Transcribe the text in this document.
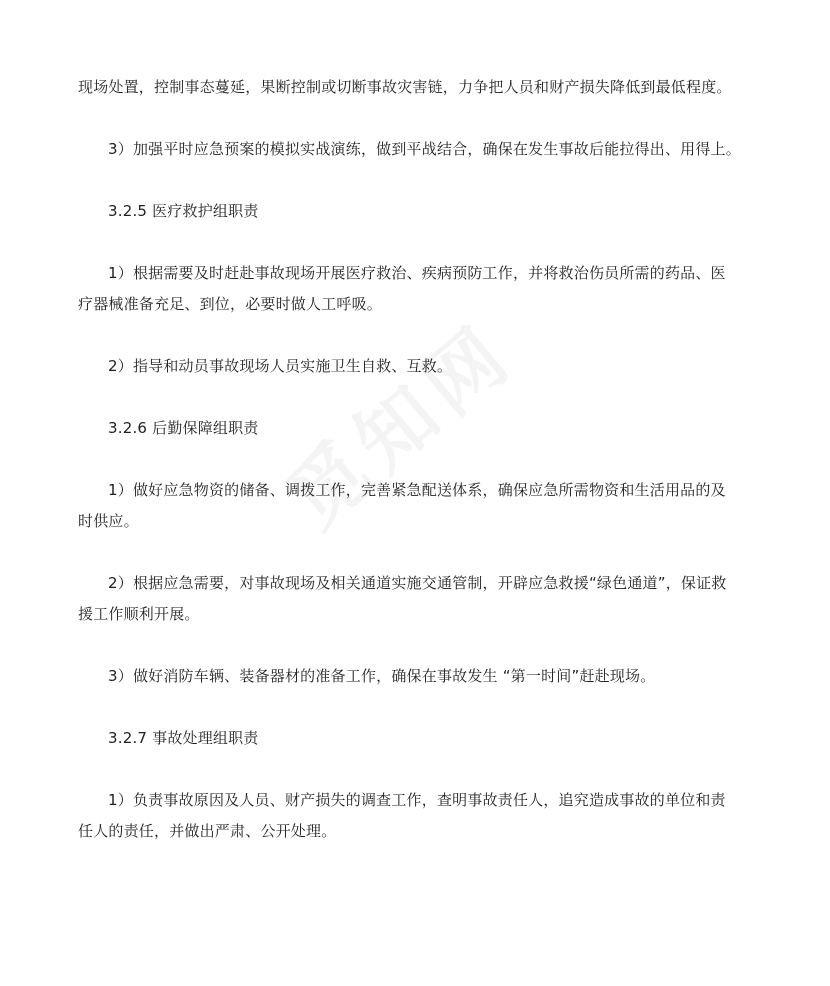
现场处置，控制事态蔓延，果断控制或切断事故灾害链，力争把人员和财产损失降低到最低程度。
3）加强平时应急预案的模拟实战演练，做到平战结合，确保在发生事故后能拉得出、用得上。
3.2.5 医疗救护组职责
1）根据需要及时赶赴事故现场开展医疗救治、疾病预防工作，并将救治伤员所需的药品、医
疗器械准备充足、到位，必要时做人工呼吸。
2）指导和动员事故现场人员实施卫生自救、互救。
3.2.6 后勤保障组职责
1）做好应急物资的储备、调拨工作，完善紧急配送体系，确保应急所需物资和生活用品的及
时供应。
2）根据应急需要，对事故现场及相关通道实施交通管制，开辟应急救援“绿色通道”，保证救
援工作顺利开展。
3）做好消防车辆、装备器材的准备工作，确保在事故发生 “第一时间”赶赴现场。
3.2.7 事故处理组职责
1）负责事故原因及人员、财产损失的调查工作，查明事故责任人，追究造成事故的单位和责
任人的责任，并做出严肃、公开处理。
